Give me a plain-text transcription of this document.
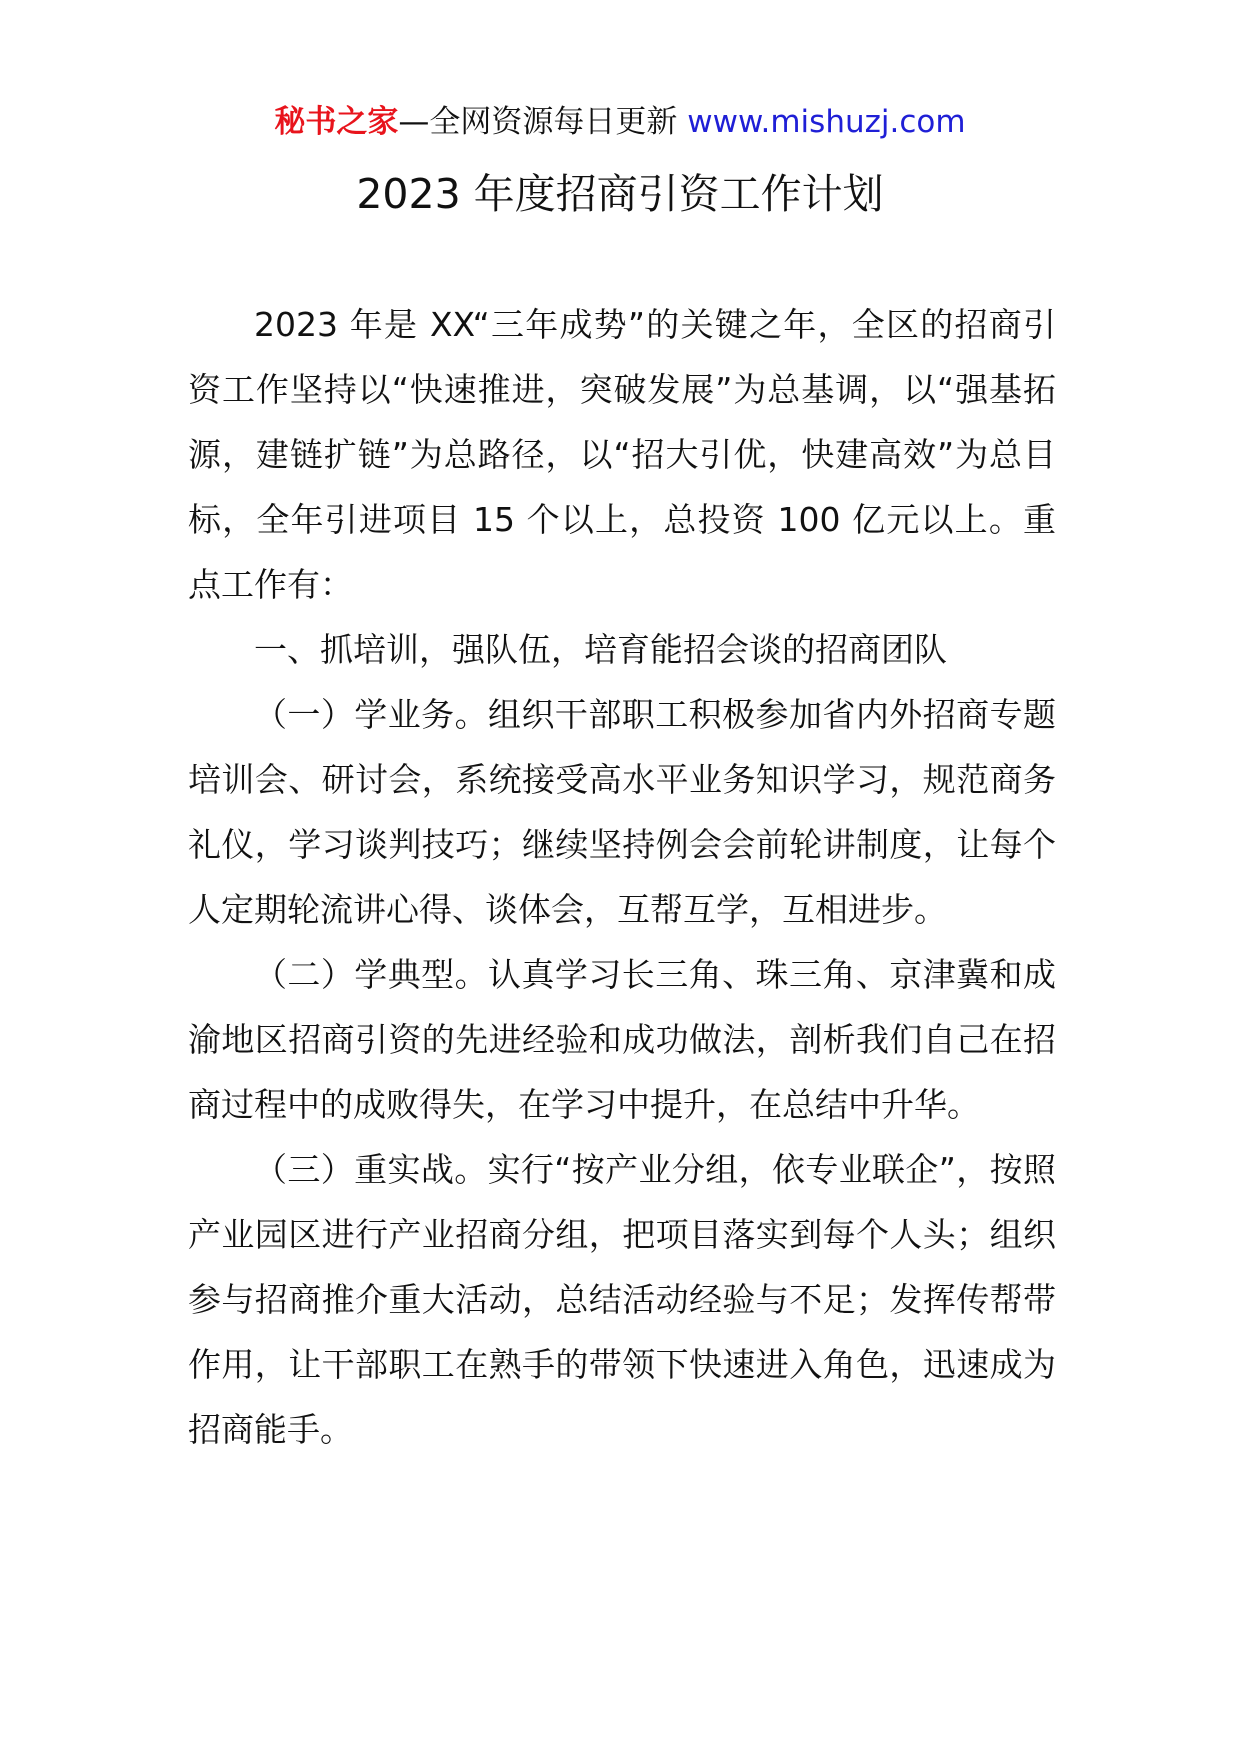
秘书之家—全网资源每日更新 www.mishuzj.com
2023 年度招商引资工作计划

2023 年是 XX“三年成势”的关键之年，全区的招商引资工作坚持以“快速推进，突破发展”为总基调，以“强基拓源，建链扩链”为总路径，以“招大引优，快建高效”为总目标，全年引进项目 15 个以上，总投资 100 亿元以上。重点工作有：

一、抓培训，强队伍，培育能招会谈的招商团队

（一）学业务。组织干部职工积极参加省内外招商专题培训会、研讨会，系统接受高水平业务知识学习，规范商务礼仪，学习谈判技巧；继续坚持例会会前轮讲制度，让每个人定期轮流讲心得、谈体会，互帮互学，互相进步。

（二）学典型。认真学习长三角、珠三角、京津冀和成渝地区招商引资的先进经验和成功做法，剖析我们自己在招商过程中的成败得失，在学习中提升，在总结中升华。

（三）重实战。实行“按产业分组，依专业联企”，按照产业园区进行产业招商分组，把项目落实到每个人头；组织参与招商推介重大活动，总结活动经验与不足；发挥传帮带作用，让干部职工在熟手的带领下快速进入角色，迅速成为招商能手。
